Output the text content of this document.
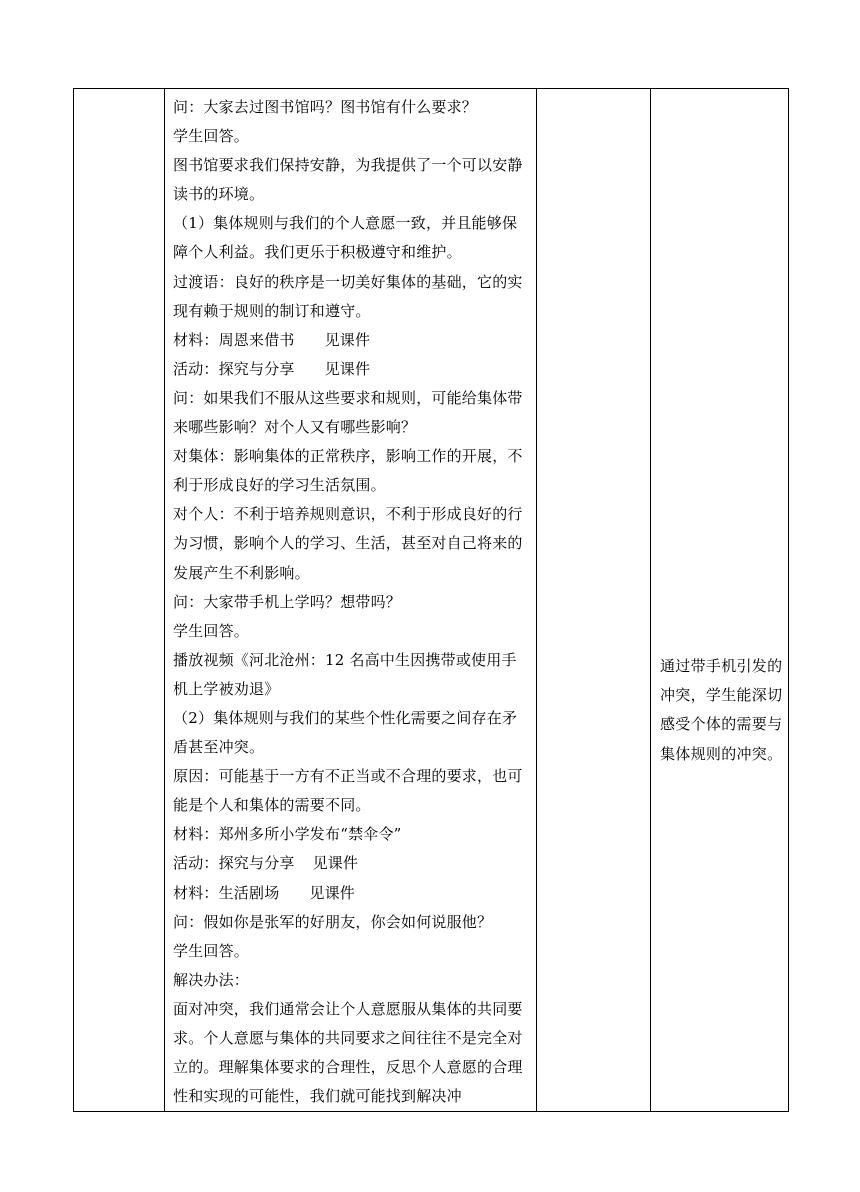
问：大家去过图书馆吗？图书馆有什么要求？

学生回答。

图书馆要求我们保持安静，为我提供了一个可以安静读书的环境。

（1）集体规则与我们的个人意愿一致，并且能够保障个人利益。我们更乐于积极遵守和维护。

过渡语：良好的秩序是一切美好集体的基础，它的实现有赖于规则的制订和遵守。

材料：周恩来借书 见课件

活动：探究与分享 见课件

问：如果我们不服从这些要求和规则，可能给集体带来哪些影响？对个人又有哪些影响？

对集体：影响集体的正常秩序，影响工作的开展，不利于形成良好的学习生活氛围。

对个人：不利于培养规则意识，不利于形成良好的行为习惯，影响个人的学习、生活，甚至对自己将来的发展产生不利影响。

问：大家带手机上学吗？想带吗？

学生回答。

播放视频《河北沧州：12 名高中生因携带或使用手机上学被劝退》

（2）集体规则与我们的某些个性化需要之间存在矛盾甚至冲突。

原因：可能基于一方有不正当或不合理的要求，也可能是个人和集体的需要不同。

材料：郑州多所小学发布“禁伞令”

活动：探究与分享 见课件

材料：生活剧场 见课件

问：假如你是张军的好朋友，你会如何说服他？

学生回答。

解决办法：

面对冲突，我们通常会让个人意愿服从集体的共同要求。个人意愿与集体的共同要求之间往往不是完全对立的。理解集体要求的合理性，反思个人意愿的合理性和实现的可能性，我们就可能找到解决冲

通过带手机引发的冲突，学生能深切感受个体的需要与集体规则的冲突。
